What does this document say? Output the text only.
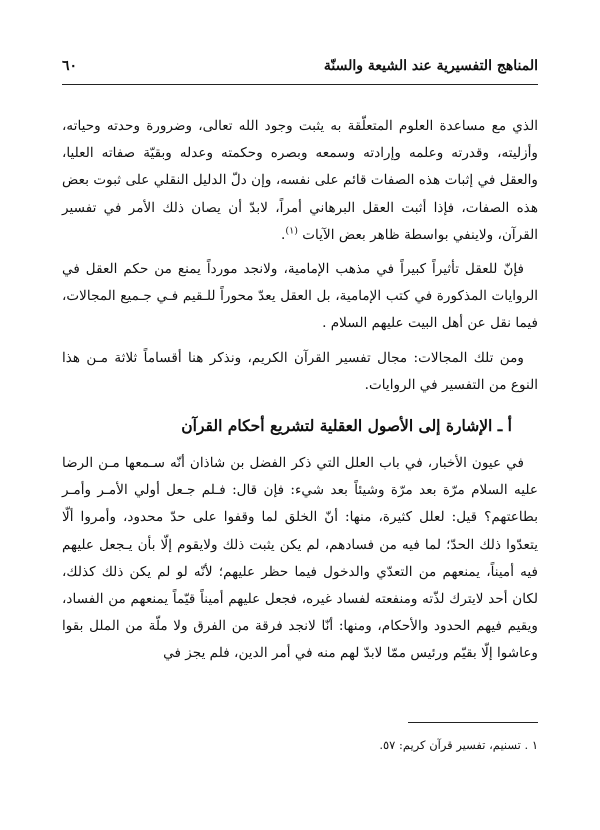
المناهج التفسيرية عند الشيعة والسنّة
٦٠

الذي مع مساعدة العلوم المتعلّقة به يثبت وجود الله تعالى، وضرورة وحدته وحياته، وأزليته، وقدرته وعلمه وإرادته وسمعه وبصره وحكمته وعدله وبقيّة صفاته العليا، والعقل في إثبات هذه الصفات قائم على نفسه، وإن دلّ الدليل النقلي على ثبوت بعض هذه الصفات، فإذا أثبت العقل البرهاني أمراً، لابدّ أن يصان ذلك الأمر في تفسير القرآن، ولاينفي بواسطة ظاهر بعض الآيات $^{(١)}$.

فإنّ للعقل تأثيراً كبيراً في مذهب الإمامية، ولانجد مورداً يمنع من حكم العقل في الروايات المذكورة في كتب الإمامية، بل العقل يعدّ محوراً للـقيم فـي جـميع المجالات، فيما نقل عن أهل البيت عليهم السلام .

ومن تلك المجالات: مجال تفسير القرآن الكريم، ونذكر هنا أقساماً ثلاثة مـن هذا النوع من التفسير في الروايات.

أ ـ الإشارة إلى الأصول العقلية لتشريع أحكام القرآن

في عيون الأخبار، في باب العلل التي ذكر الفضل بن شاذان أنّه سـمعها مـن الرضا عليه السلام مرّة بعد مرّة وشيئاً بعد شيء: فإن قال: فـلم جـعل أولي الأمـر وأمـر بطاعتهم؟ قيل: لعلل كثيرة، منها: أنّ الخلق لما وقفوا على حدّ محدود، وأمروا ألّا يتعدّوا ذلك الحدّ؛ لما فيه من فسادهم، لم يكن يثبت ذلك ولايقوم إلّا بأن يـجعل عليهم فيه أميناً، يمنعهم من التعدّي والدخول فيما حظر عليهم؛ لأنّه لو لم يكن ذلك كذلك، لكان أحد لايترك لذّته ومنفعته لفساد غيره، فجعل عليهم أميناً قيّماً يمنعهم من الفساد، ويقيم فيهم الحدود والأحكام، ومنها: أنّا لانجد فرقة من الفرق ولا ملّة من الملل بقوا وعاشوا إلّا بقيّم ورئيس ممّا لابدّ لهم منه في أمر الدين، فلم يجز في

١ . تسنيم، تفسير قرآن كريم: ٥٧.
